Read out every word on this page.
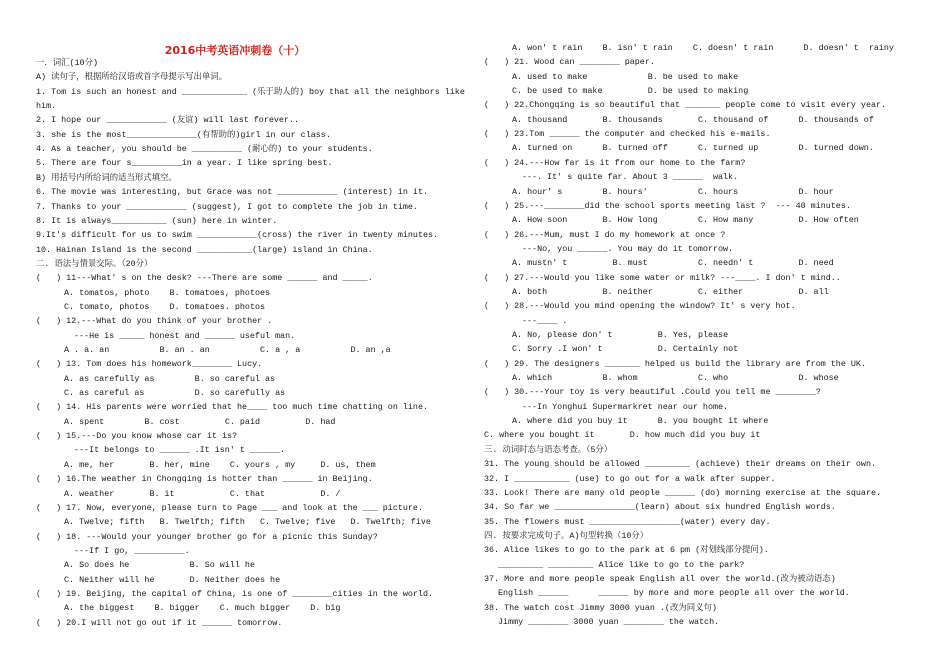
2016中考英语冲刺卷（十）
一．词汇(10分)
A) 读句子，根据所给汉语或首字母提示写出单词。
1. Tom is such an honest and _____________ (乐于助人的) boy that all the neighbors like
him.
2. I hope our ____________ (友谊) will last forever..
3. she is the most______________(有帮助的)girl in our class.
4. As a teacher, you should be __________ (耐心的) to your students.
5. There are four s__________in a year. I like spring best.
B) 用括号内所给词的适当形式填空。
6. The movie was interesting, but Grace was not ____________ (interest) in it.
7. Thanks to your ____________ (suggest), I got to complete the job in time.
8. It is always___________ (sun) here in winter.
9.It's difficult for us to swim ____________(cross) the river in twenty minutes.
10. Hainan Island is the second ___________(large) island in China.
二. 语法与情景交际。（20分）
(   ) 11---What' s on the desk? ---There are some ______ and _____.
A. tomatos, photo    B. tomatoes, photoes
C. tomato, photos    D. tomatoes. photos
(   ) 12.---What do you think of your brother .
---He is _____ honest and ______ useful man.
A . a. an          B. an . an          C. a , a          D. an ,a
(   ) 13. Tom does his homework________ Lucy.
A. as carefully as        B. so careful as
C. as careful as          D. so carefully as
(   ) 14. His parents were worried that he____ too much time chatting on line.
A. spent        B. cost         C. paid         D. had
(   ) 15.---Do you know whose car it is?
---It belongs to ______ .It isn' t ______.
A. me, her       B. her, mine    C. yours , my     D. us, them
(   ) 16.The weather in Chongqing is hotter than ______ in Beijing.
A. weather       B. it           C. that           D. /
(   ) 17. Now, everyone, please turn to Page ___ and look at the ___ picture.
A. Twelve; fifth   B. Twelfth; fifth   C. Twelve; five   D. Twelfth; five
(   ) 18. ---Would your younger brother go for a picnic this Sunday?
---If I go, __________.
A. So does he            B. So will he
C. Neither will he       D. Neither does he
(   ) 19. Beijing, the capital of China, is one of ________cities in the world.
A. the biggest    B. bigger    C. much bigger    D. big
(   ) 20.I will not go out if it ______ tomorrow.
A. won' t rain    B. isn' t rain    C. doesn' t rain      D. doesn' t  rainy
(   ) 21. Wood can ________ paper.
A. used to make            B. be used to make
C. be used to make         D. be used to making
(   ) 22.Chongqing is so beautiful that _______ people come to visit every year.
A. thousand       B. thousands       C. thousand of      D. thousands of
(   ) 23.Tom ______ the computer and checked his e-mails.
A. turned on      B. turned off      C. turned up        D. turned down.
(   ) 24.---How far is it from our home to the farm?
---. It' s quite far. About 3 ______  walk.
A. hour' s        B. hours'          C. hours            D. hour
(   ) 25.---________did the school sports meeting last ?  --- 40 minutes.
A. How soon       B. How long        C. How many         D. How often
(   ) 26.---Mum, must I do my homework at once ?
---No, you ______. You may do it tomorrow.
A. mustn' t         B. must          C. needn' t         D. need
(   ) 27.---Would you like some water or milk? ---____. I don' t mind..
A. both           B. neither         C. either           D. all
(   ) 28.---Would you mind opening the window? It' s very hot.
---____ .
A. No, please don' t         B. Yes, please
C. Sorry .I won' t           D. Certainly not
(   ) 29. The designers _______ helped us build the library are from the UK.
A. which          B. whom            C. who              D. whose
(   ) 30.---Your toy is very beautiful .Could you tell me ________?
---In Yonghui Supermarkret near our home.
A. where did you buy it      B. you bought it where
C. where you bought it       D. how much did you buy it
三. 动词时态与语态考查。（5分）
31. The young should be allowed _________ (achieve) their dreams on their own.
32. I ___________ (use) to go out for a walk after supper.
33. Look! There are many old people ______ (do) morning exercise at the square.
34. So far we ________________(learn) about six hundred English words.
35. The flowers must __________________(water) every day.
四. 按要求完成句子。A)句型转换（10分）
36. Alice likes to go to the park at 6 pm (对划线部分提问).
_________ _________ Alice like to go to the park?
37. More and more people speak English all over the world.(改为被动语态)
English ______      ______ by more and more people all over the world.
38. The watch cost Jimmy 3000 yuan .(改为同义句)
Jimmy ________ 3000 yuan ________ the watch.
